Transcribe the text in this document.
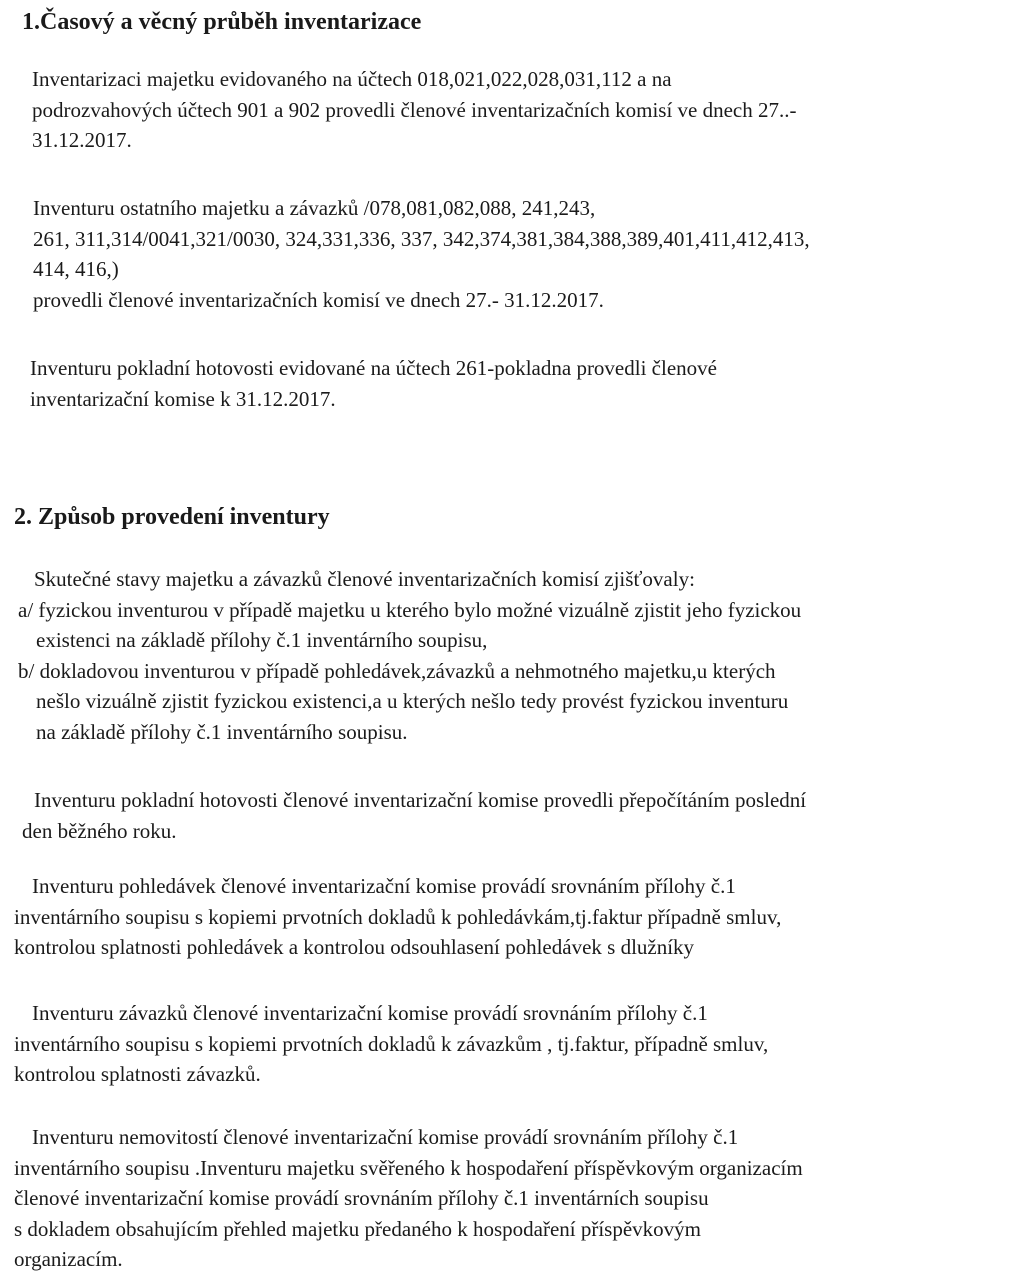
1.Časový a věcný průběh inventarizace
Inventarizaci majetku evidovaného na účtech 018,021,022,028,031,112 a na
podrozvahových účtech 901 a 902 provedli členové inventarizačních komisí ve dnech 27..-
31.12.2017.
Inventuru ostatního majetku a závazků /078,081,082,088, 241,243,
261, 311,314/0041,321/0030, 324,331,336, 337, 342,374,381,384,388,389,401,411,412,413,
414, 416,)
provedli členové inventarizačních komisí ve dnech 27.- 31.12.2017.
Inventuru pokladní hotovosti evidované na účtech 261-pokladna provedli členové
inventarizační komise k 31.12.2017.
2. Způsob provedení inventury
Skutečné stavy majetku a závazků členové inventarizačních komisí zjišťovaly:
a/ fyzickou inventurou v případě majetku u kterého bylo možné vizuálně zjistit jeho fyzickou
existenci na základě přílohy č.1 inventárního soupisu,
b/ dokladovou inventurou v případě pohledávek,závazků a nehmotného majetku,u kterých
nešlo vizuálně zjistit fyzickou existenci,a u kterých nešlo tedy provést fyzickou inventuru
na základě přílohy č.1 inventárního soupisu.
Inventuru pokladní hotovosti členové inventarizační komise provedli přepočítáním poslední
den běžného roku.
Inventuru pohledávek členové inventarizační komise provádí srovnáním přílohy č.1
inventárního soupisu s kopiemi prvotních dokladů k pohledávkám,tj.faktur případně smluv,
kontrolou splatnosti pohledávek a kontrolou odsouhlasení pohledávek s dlužníky
Inventuru závazků členové inventarizační komise provádí srovnáním přílohy č.1
inventárního soupisu s kopiemi prvotních dokladů k závazkům , tj.faktur, případně smluv,
kontrolou splatnosti závazků.
Inventuru nemovitostí členové inventarizační komise provádí srovnáním přílohy č.1
inventárního soupisu .Inventuru majetku svěřeného k hospodaření příspěvkovým organizacím
členové inventarizační komise provádí srovnáním přílohy č.1 inventárních soupisu
s dokladem obsahujícím přehled majetku předaného k hospodaření příspěvkovým
organizacím.
